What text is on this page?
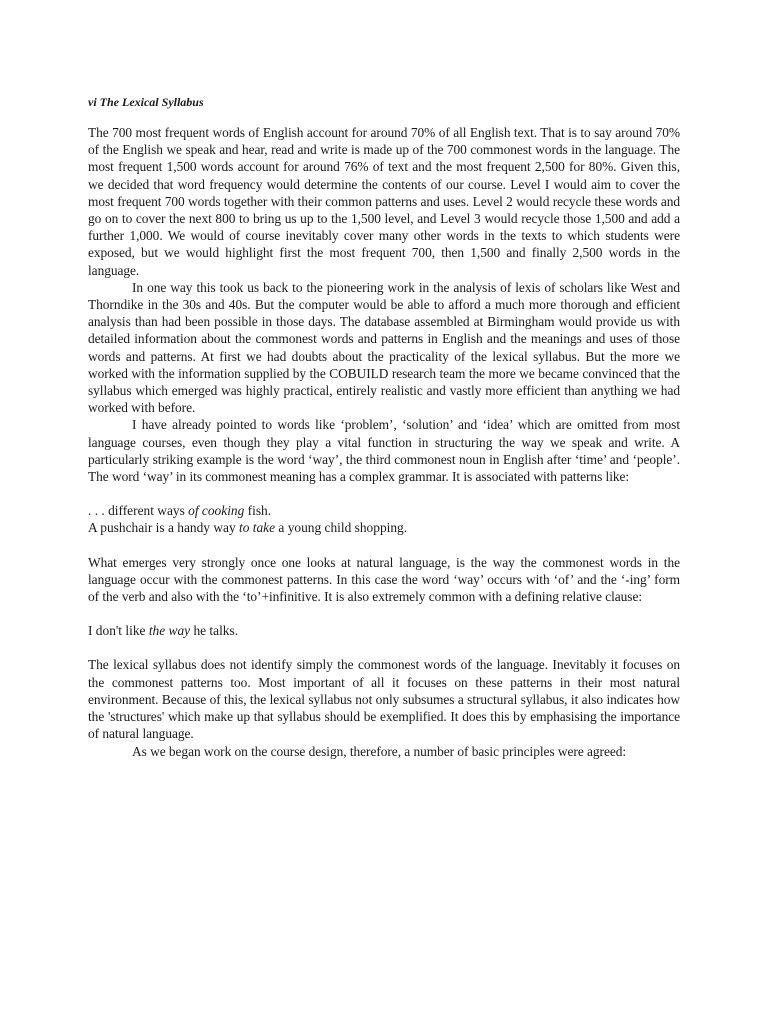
vi The Lexical Syllabus

The 700 most frequent words of English account for around 70% of all English text. That is to say around 70% of the English we speak and hear, read and write is made up of the 700 commonest words in the language. The most frequent 1,500 words account for around 76% of text and the most frequent 2,500 for 80%. Given this, we decided that word frequency would determine the contents of our course. Level I would aim to cover the most frequent 700 words together with their common patterns and uses. Level 2 would recycle these words and go on to cover the next 800 to bring us up to the 1,500 level, and Level 3 would recycle those 1,500 and add a further 1,000. We would of course inevitably cover many other words in the texts to which students were exposed, but we would highlight first the most frequent 700, then 1,500 and finally 2,500 words in the language.

In one way this took us back to the pioneering work in the analysis of lexis of scholars like West and Thorndike in the 30s and 40s. But the computer would be able to afford a much more thorough and efficient analysis than had been possible in those days. The database assembled at Birmingham would provide us with detailed information about the commonest words and patterns in English and the meanings and uses of those words and patterns. At first we had doubts about the practicality of the lexical syllabus. But the more we worked with the information supplied by the COBUILD research team the more we became convinced that the syllabus which emerged was highly practical, entirely realistic and vastly more efficient than anything we had worked with before.

I have already pointed to words like ‘problem’, ‘solution’ and ‘idea’ which are omitted from most language courses, even though they play a vital function in structuring the way we speak and write. A particularly striking example is the word ‘way’, the third commonest noun in English after ‘time’ and ‘people’. The word ‘way’ in its commonest meaning has a complex grammar. It is associated with patterns like:

. . . different ways of cooking fish.
A pushchair is a handy way to take a young child shopping.

What emerges very strongly once one looks at natural language, is the way the commonest words in the language occur with the commonest patterns. In this case the word ‘way’ occurs with ‘of’ and the ‘-ing’ form of the verb and also with the ‘to’+infinitive. It is also extremely common with a defining relative clause:

I don't like the way he talks.

The lexical syllabus does not identify simply the commonest words of the language. Inevitably it focuses on the commonest patterns too. Most important of all it focuses on these patterns in their most natural environment. Because of this, the lexical syllabus not only subsumes a structural syllabus, it also indicates how the 'structures' which make up that syllabus should be exemplified. It does this by emphasising the importance of natural language.

As we began work on the course design, therefore, a number of basic principles were agreed:
